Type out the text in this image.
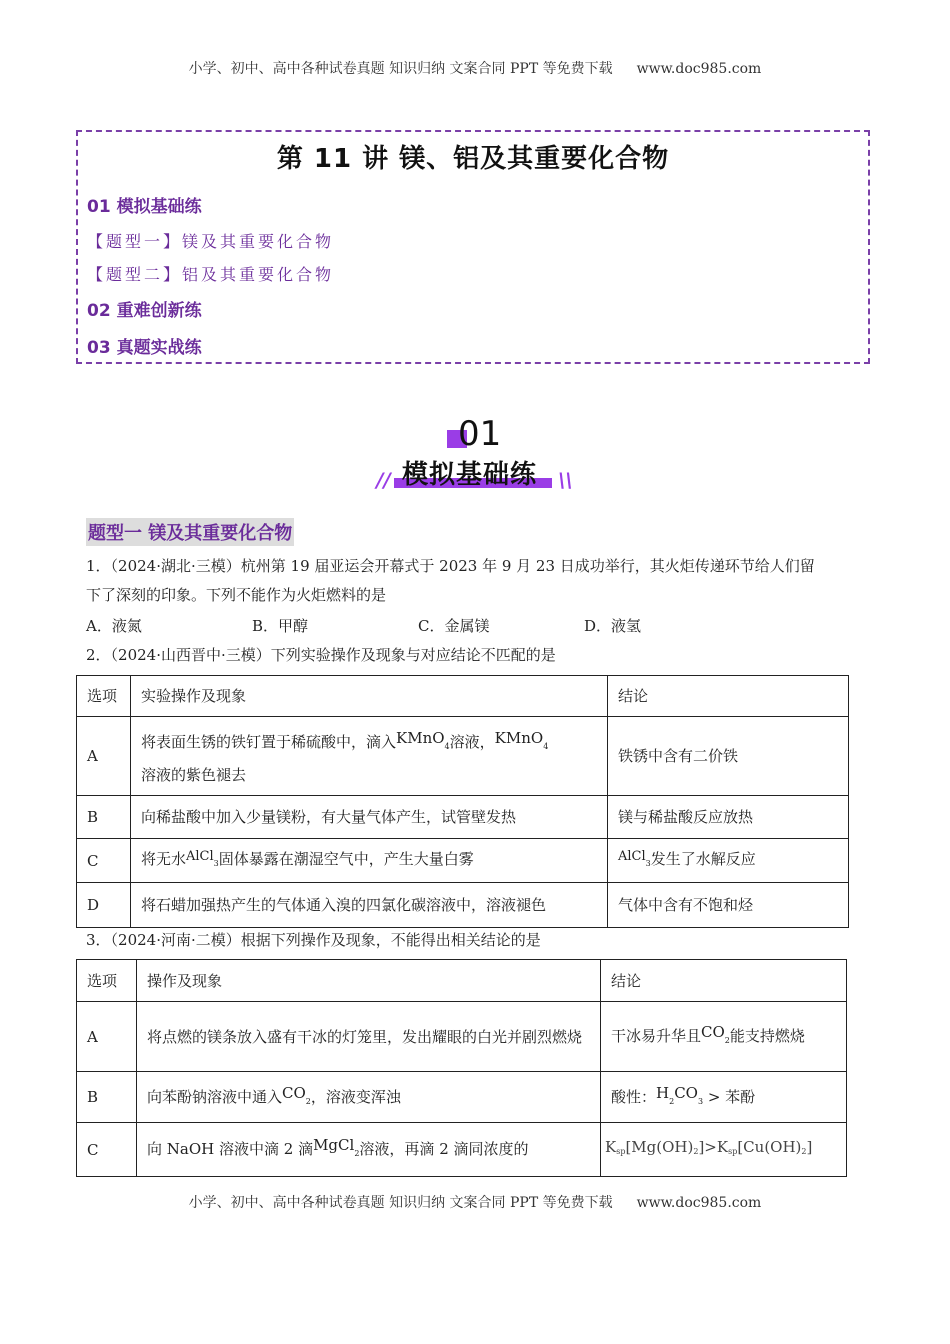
小学、初中、高中各种试卷真题 知识归纳 文案合同 PPT 等免费下载 www.doc985.com
第 11 讲 镁、铝及其重要化合物
01 模拟基础练
【题型一】镁及其重要化合物
【题型二】铝及其重要化合物
02 重难创新练
03 真题实战练
01
模拟基础练
//	\\
题型一 镁及其重要化合物
1．（2024·湖北·三模）杭州第 19 届亚运会开幕式于 2023 年 9 月 23 日成功举行，其火炬传递环节给人们留
下了深刻的印象。下列不能作为火炬燃料的是
A．液氮	B．甲醇	C．金属镁	D．液氢
2．（2024·山西晋中·三模）下列实验操作及现象与对应结论不匹配的是
选项	实验操作及现象	结论
A	将表面生锈的铁钉置于稀硫酸中，滴入KMnO$_4$溶液，KMnO$_4$
溶液的紫色褪去	铁锈中含有二价铁
B	向稀盐酸中加入少量镁粉，有大量气体产生，试管壁发热	镁与稀盐酸反应放热
C	将无水AlCl$_3$固体暴露在潮湿空气中，产生大量白雾	AlCl$_3$发生了水解反应
D	将石蜡加强热产生的气体通入溴的四氯化碳溶液中，溶液褪色	气体中含有不饱和烃
3．（2024·河南·二模）根据下列操作及现象，不能得出相关结论的是
选项	操作及现象	结论
A	将点燃的镁条放入盛有干冰的灯笼里，发出耀眼的白光并剧烈燃烧	干冰易升华且$CO_2$能支持燃烧
B	向苯酚钠溶液中通入$CO_2$，溶液变浑浊	酸性：$H_2CO_3$ > 苯酚
C	向 NaOH 溶液中滴 2 滴MgCl$_2$溶液，再滴 2 滴同浓度的	$K_{sp}[Mg(OH)_2]>K_{sp}[Cu(OH)_2]$
小学、初中、高中各种试卷真题 知识归纳 文案合同 PPT 等免费下载 www.doc985.com
